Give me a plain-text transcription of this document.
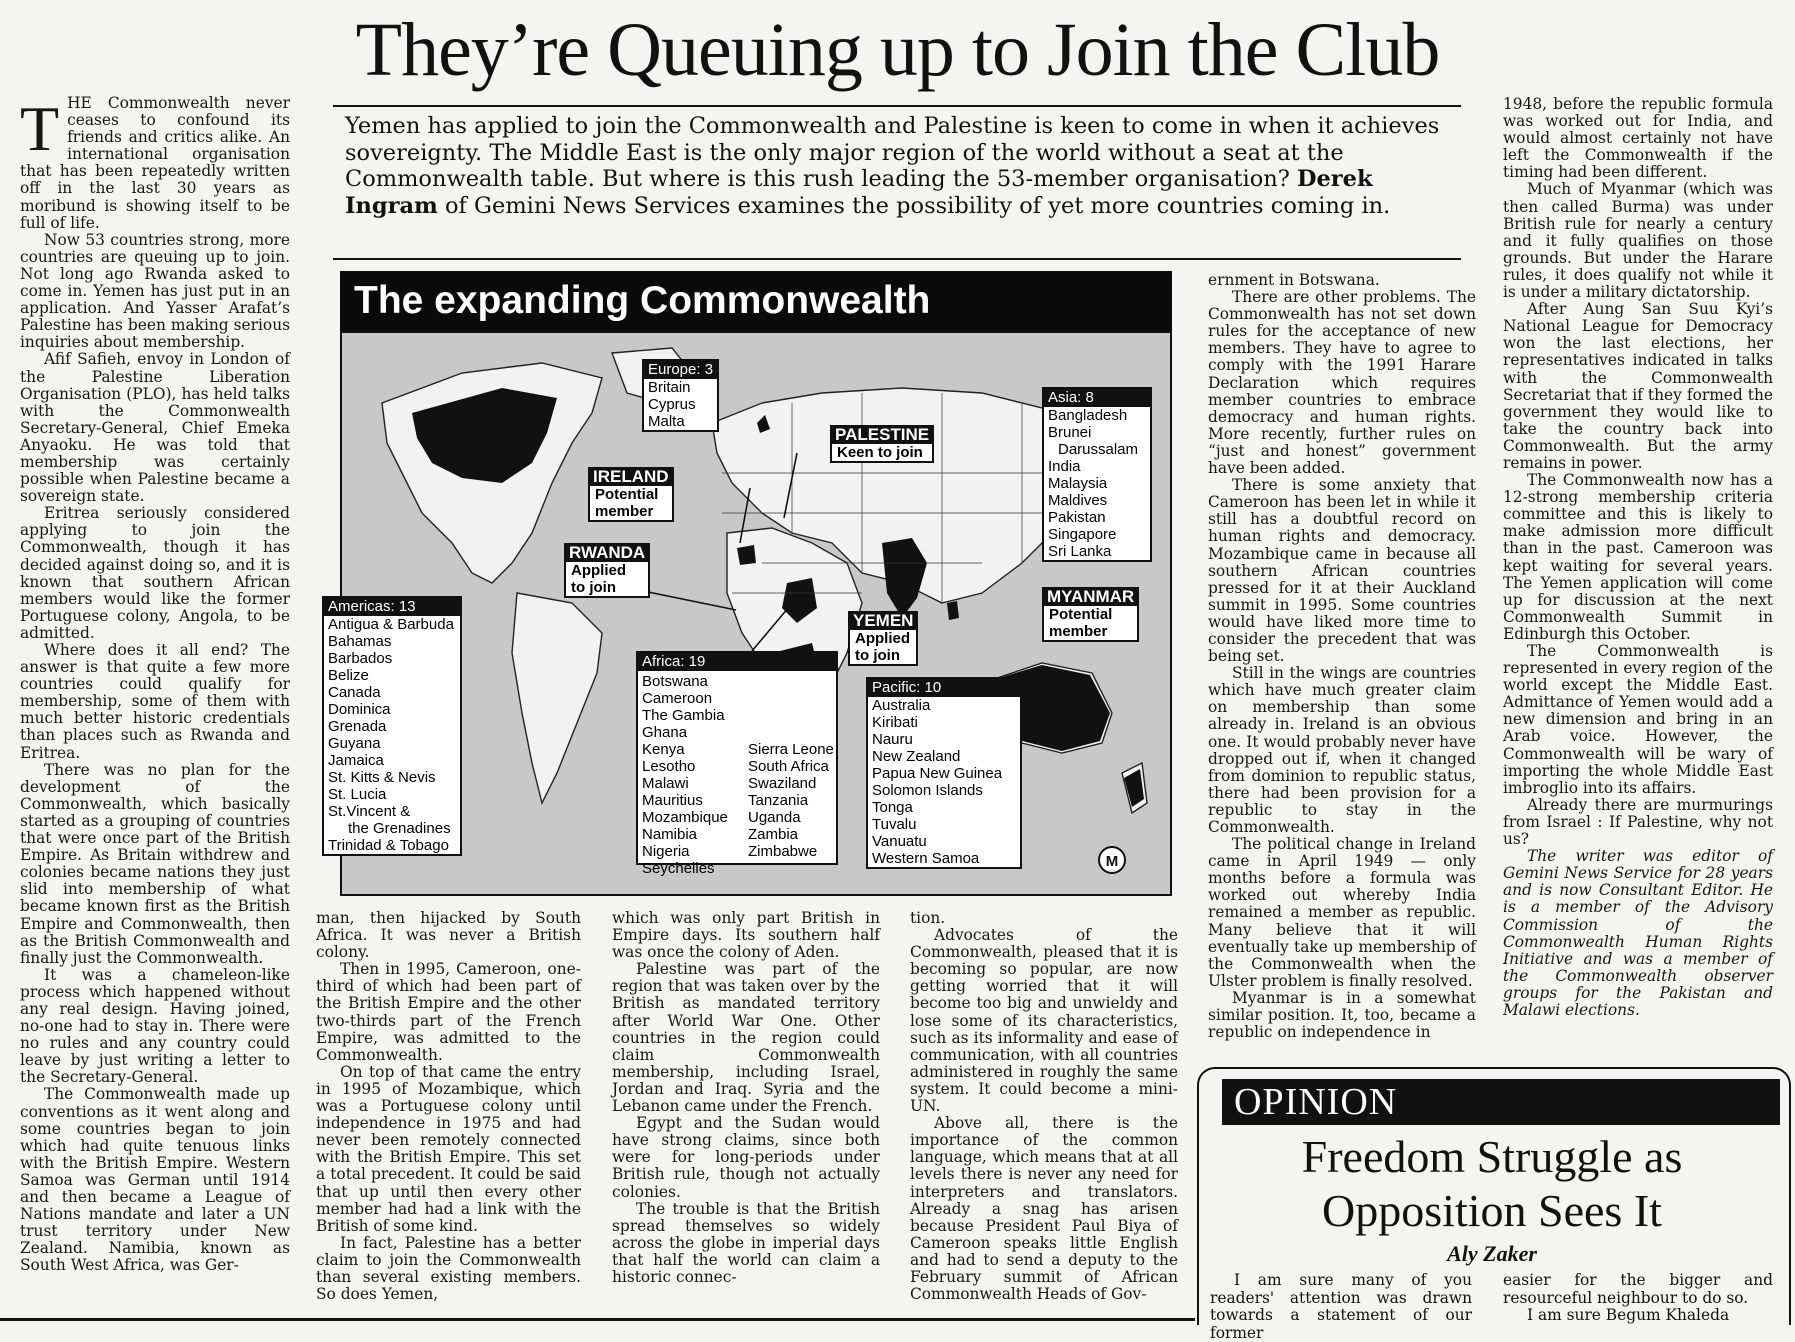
They’re Queuing up to Join the Club

THE Commonwealth never ceases to confound its friends and critics alike. An international organisation that has been repeatedly written off in the last 30 years as moribund is showing itself to be full of life.

Now 53 countries strong, more countries are queuing up to join. Not long ago Rwanda asked to come in. Yemen has just put in an application. And Yasser Arafat’s Palestine has been making serious inquiries about membership.

Afif Safieh, envoy in London of the Palestine Liberation Organisation (PLO), has held talks with the Commonwealth Secretary-General, Chief Emeka Anyaoku. He was told that membership was certainly possible when Palestine became a sovereign state.

Eritrea seriously considered applying to join the Commonwealth, though it has decided against doing so, and it is known that southern African members would like the former Portuguese colony, Angola, to be admitted.

Where does it all end? The answer is that quite a few more countries could qualify for membership, some of them with much better historic credentials than places such as Rwanda and Eritrea.

There was no plan for the development of the Commonwealth, which basically started as a grouping of countries that were once part of the British Empire. As Britain withdrew and colonies became nations they just slid into membership of what became known first as the British Empire and Commonwealth, then as the British Commonwealth and finally just the Commonwealth.

It was a chameleon-like process which happened without any real design. Having joined, no-one had to stay in. There were no rules and any country could leave by just writing a letter to the Secretary-General.

The Commonwealth made up conventions as it went along and some countries began to join which had quite tenuous links with the British Empire. Western Samoa was German until 1914 and then became a League of Nations mandate and later a UN trust territory under New Zealand. Namibia, known as South West Africa, was Ger-

Yemen has applied to join the Commonwealth and Palestine is keen to come in when it achieves sovereignty. The Middle East is the only major region of the world without a seat at the Commonwealth table. But where is this rush leading the 53-member organisation? Derek Ingram of Gemini News Services examines the possibility of yet more countries coming in.
The expanding Commonwealth
M
Europe: 3
Britain
Cyprus
Malta
Asia: 8
Bangladesh
Brunei
Darussalam
India
Malaysia
Maldives
Pakistan
Singapore
Sri Lanka
PALESTINE
Keen to join
IRELAND
Potential
member
RWANDA
Applied
to join
YEMEN
Applied
to join
MYANMAR
Potential
member
Africa: 19
Botswana
Cameroon
The Gambia
Ghana
Kenya
Lesotho
Malawi
Mauritius
Mozambique
Namibia
Nigeria
Seychelles
Sierra Leone
South Africa
Swaziland
Tanzania
Uganda
Zambia
Zimbabwe
Pacific: 10
Australia
Kiribati
Nauru
New Zealand
Papua New Guinea
Solomon Islands
Tonga
Tuvalu
Vanuatu
Western Samoa
Americas: 13
Antigua & Barbuda
Bahamas
Barbados
Belize
Canada
Dominica
Grenada
Guyana
Jamaica
St. Kitts & Nevis
St. Lucia
St.Vincent &
the Grenadines
Trinidad & Tobago

man, then hijacked by South Africa. It was never a British colony.

Then in 1995, Cameroon, one-third of which had been part of the British Empire and the other two-thirds part of the French Empire, was admitted to the Commonwealth.

On top of that came the entry in 1995 of Mozambique, which was a Portuguese colony until independence in 1975 and had never been remotely connected with the British Empire. This set a total precedent. It could be said that up until then every other member had had a link with the British of some kind.

In fact, Palestine has a better claim to join the Commonwealth than several existing members. So does Yemen,

which was only part British in Empire days. Its southern half was once the colony of Aden.

Palestine was part of the region that was taken over by the British as mandated territory after World War One. Other countries in the region could claim Commonwealth membership, including Israel, Jordan and Iraq. Syria and the Lebanon came under the French.

Egypt and the Sudan would have strong claims, since both were for long-periods under British rule, though not actually colonies.

The trouble is that the British spread themselves so widely across the globe in imperial days that half the world can claim a historic connec-

tion.

Advocates of the Commonwealth, pleased that it is becoming so popular, are now getting worried that it will become too big and unwieldy and lose some of its characteristics, such as its informality and ease of communication, with all countries administered in roughly the same system. It could become a mini-UN.

Above all, there is the importance of the common language, which means that at all levels there is never any need for interpreters and translators. Already a snag has arisen because President Paul Biya of Cameroon speaks little English and had to send a deputy to the February summit of African Commonwealth Heads of Gov-

ernment in Botswana.

There are other problems. The Commonwealth has not set down rules for the acceptance of new members. They have to agree to comply with the 1991 Harare Declaration which requires member countries to embrace democracy and human rights. More recently, further rules on “just and honest” government have been added.

There is some anxiety that Cameroon has been let in while it still has a doubtful record on human rights and democracy. Mozambique came in because all southern African countries pressed for it at their Auckland summit in 1995. Some countries would have liked more time to consider the precedent that was being set.

Still in the wings are countries which have much greater claim on membership than some already in. Ireland is an obvious one. It would probably never have dropped out if, when it changed from dominion to republic status, there had been provision for a republic to stay in the Commonwealth.

The political change in Ireland came in April 1949 — only months before a formula was worked out whereby India remained a member as republic. Many believe that it will eventually take up membership of the Commonwealth when the Ulster problem is finally resolved.

Myanmar is in a somewhat similar position. It, too, became a republic on independence in

1948, before the republic formula was worked out for India, and would almost certainly not have left the Commonwealth if the timing had been different.

Much of Myanmar (which was then called Burma) was under British rule for nearly a century and it fully qualifies on those grounds. But under the Harare rules, it does qualify not while it is under a military dictatorship.

After Aung San Suu Kyi’s National League for Democracy won the last elections, her representatives indicated in talks with the Commonwealth Secretariat that if they formed the government they would like to take the country back into Commonwealth. But the army remains in power.

The Commonwealth now has a 12-strong membership criteria committee and this is likely to make admission more difficult than in the past. Cameroon was kept waiting for several years. The Yemen application will come up for discussion at the next Commonwealth Summit in Edinburgh this October.

The Commonwealth is represented in every region of the world except the Middle East. Admittance of Yemen would add a new dimension and bring in an Arab voice. However, the Commonwealth will be wary of importing the whole Middle East imbroglio into its affairs.

Already there are murmurings from Israel : If Palestine, why not us?

The writer was editor of Gemini News Service for 28 years and is now Consultant Editor. He is a member of the Advisory Commission of the Commonwealth Human Rights Initiative and was a member of the Commonwealth observer groups for the Pakistan and Malawi elections.

OPINION
Freedom Struggle as
Opposition Sees It
Aly Zaker

I am sure many of you readers' attention was drawn towards a statement of our former

easier for the bigger and resourceful neighbour to do so.

I am sure Begum Khaleda
